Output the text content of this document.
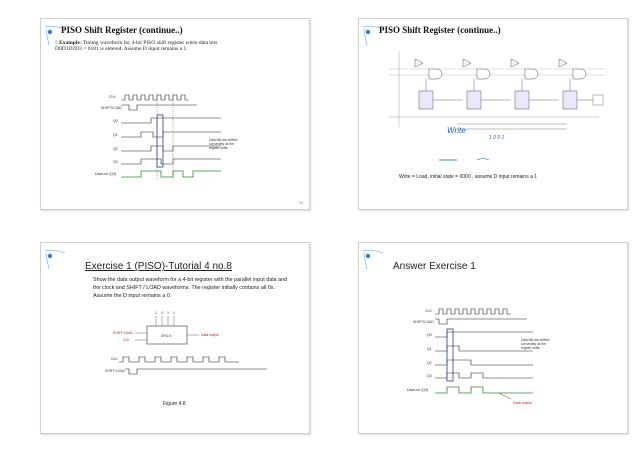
PISO Shift Register (continue..)
◊ Example: Timing waveform for 4-bit PISO shift register when data bits D0D1D2D3 = 0101 is entered. Assume D input remains a 1.
CLK
SHIFT/LOAD
Q0
Q1
Q2
Q3
Data out (Q3)
Data bits are shifted out serially as the register shifts
25
PISO Shift Register (continue..)
Write
1 0 0 1
Write = Load, initial state = 0000 , assume D input remains a 1
Exercise 1 (PISO)-Tutorial 4 no.8
Show the data output waveform for a 4-bit register with the parallel input data and the clock and SHIFT / LOAD waveforms. The register initially contains all 0s. Assume the D input remains a 0.
1 0 1 1
SRG 4
SHIFT/LOAD
CLK
Data output
CLK
SHIFT/LOAD
Figure 4.8
Answer Exercise 1
CLK
SHIFT/LOAD
Q0
Q1
Q2
Q3
Data out (Q3)
Data bits are shifted out serially as the register shifts
Data output
